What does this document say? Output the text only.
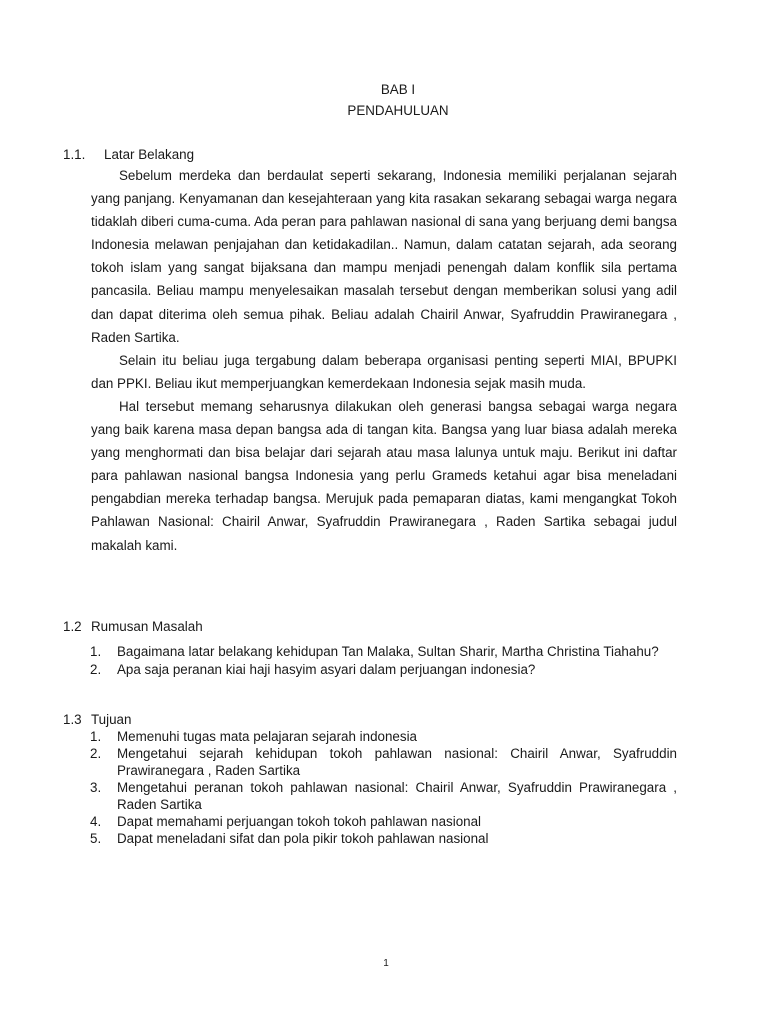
BAB I
PENDAHULUAN
1.1. Latar Belakang

Sebelum merdeka dan berdaulat seperti sekarang, Indonesia memiliki perjalanan sejarah yang panjang. Kenyamanan dan kesejahteraan yang kita rasakan sekarang sebagai warga negara tidaklah diberi cuma-cuma. Ada peran para pahlawan nasional di sana yang berjuang demi bangsa Indonesia melawan penjajahan dan ketidakadilan.. Namun, dalam catatan sejarah, ada seorang tokoh islam yang sangat bijaksana dan mampu menjadi penengah dalam konflik sila pertama pancasila. Beliau mampu menyelesaikan masalah tersebut dengan memberikan solusi yang adil dan dapat diterima oleh semua pihak. Beliau adalah Chairil Anwar, Syafruddin Prawiranegara , Raden Sartika.

Selain itu beliau juga tergabung dalam beberapa organisasi penting seperti MIAI, BPUPKI dan PPKI. Beliau ikut memperjuangkan kemerdekaan Indonesia sejak masih muda.

Hal tersebut memang seharusnya dilakukan oleh generasi bangsa sebagai warga negara yang baik karena masa depan bangsa ada di tangan kita. Bangsa yang luar biasa adalah mereka yang menghormati dan bisa belajar dari sejarah atau masa lalunya untuk maju. Berikut ini daftar para pahlawan nasional bangsa Indonesia yang perlu Grameds ketahui agar bisa meneladani pengabdian mereka terhadap bangsa. Merujuk pada pemaparan diatas, kami mengangkat Tokoh Pahlawan Nasional: Chairil Anwar, Syafruddin Prawiranegara , Raden Sartika sebagai judul makalah kami.

1.2 Rumusan Masalah
1. Bagaimana latar belakang kehidupan Tan Malaka, Sultan Sharir, Martha Christina Tiahahu?
2. Apa saja peranan kiai haji hasyim asyari dalam perjuangan indonesia?
1.3 Tujuan
1. Memenuhi tugas mata pelajaran sejarah indonesia
2. Mengetahui sejarah kehidupan tokoh pahlawan nasional: Chairil Anwar, Syafruddin Prawiranegara , Raden Sartika
3. Mengetahui peranan tokoh pahlawan nasional: Chairil Anwar, Syafruddin Prawiranegara , Raden Sartika
4. Dapat memahami perjuangan tokoh tokoh pahlawan nasional
5. Dapat meneladani sifat dan pola pikir tokoh pahlawan nasional
1
